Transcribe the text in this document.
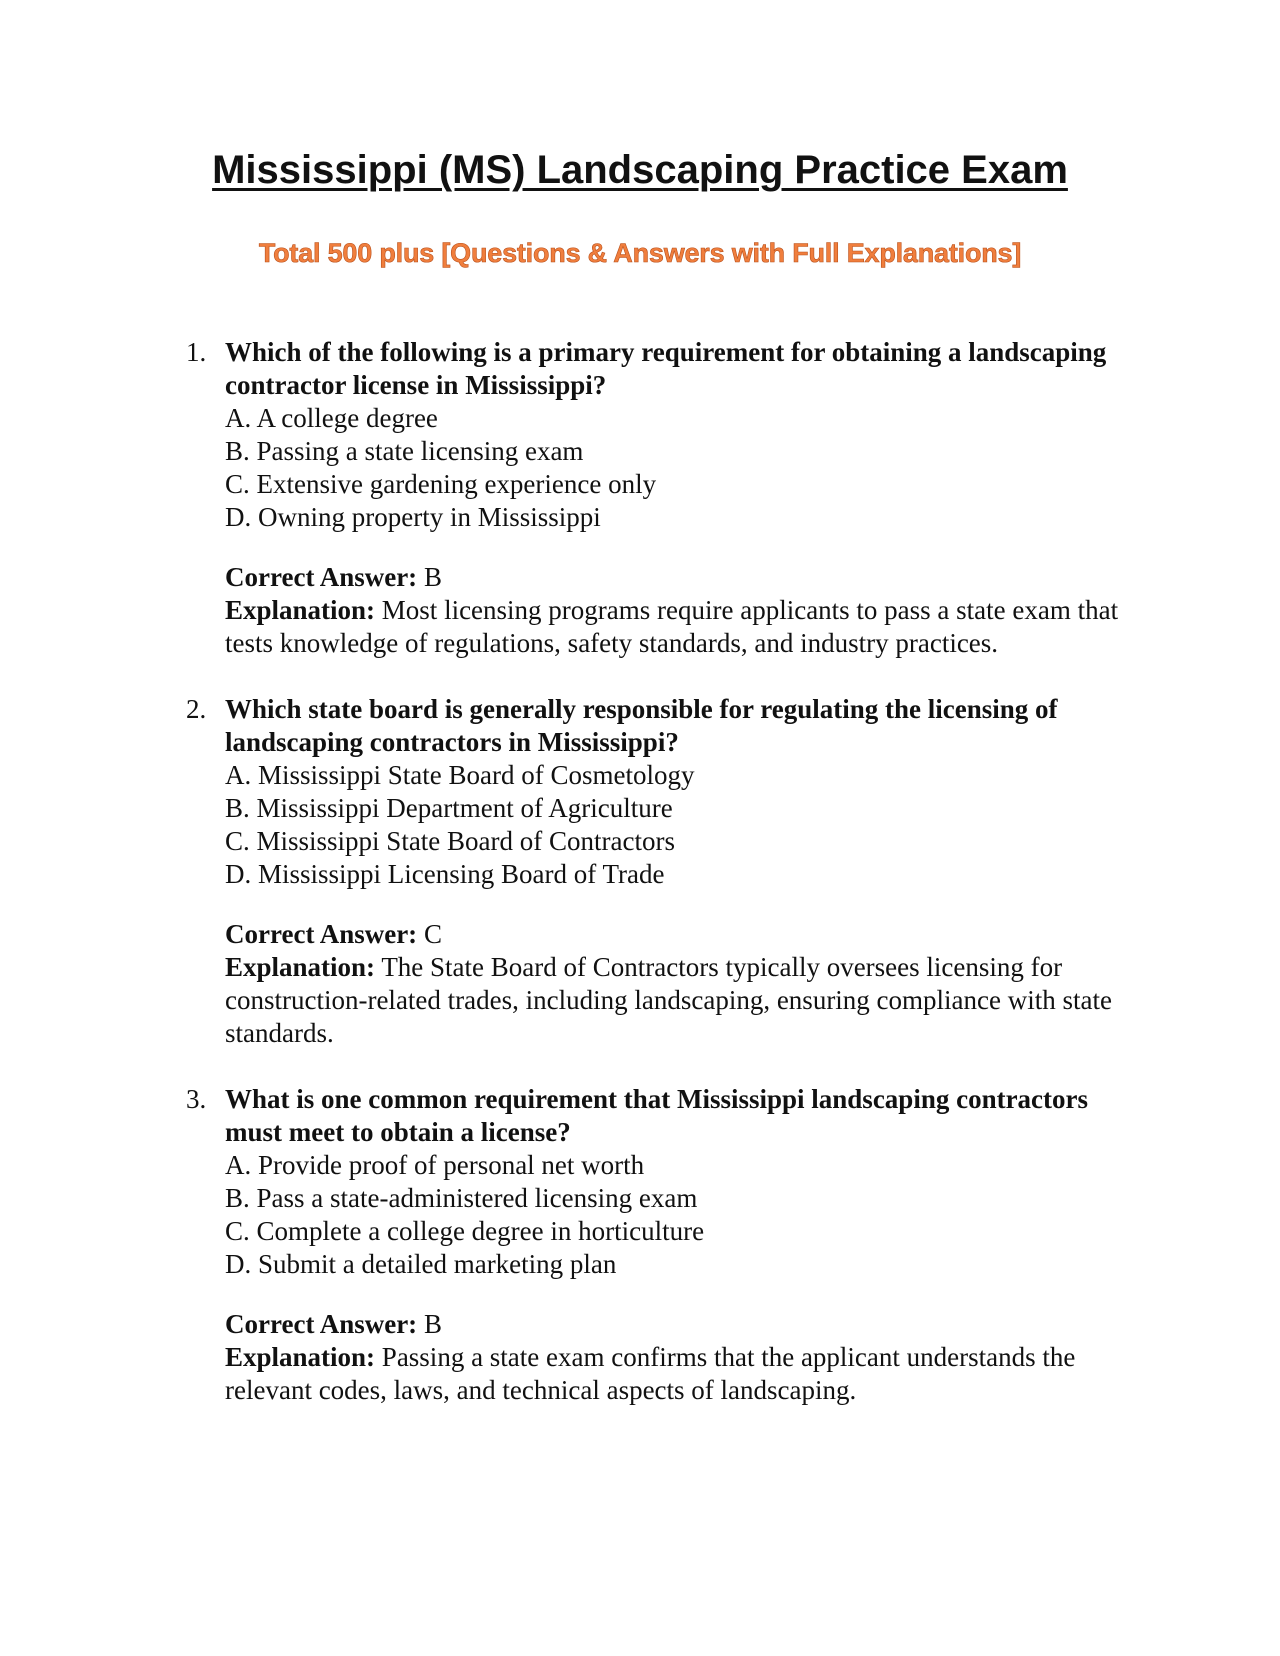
Mississippi (MS) Landscaping Practice Exam
Total 500 plus [Questions & Answers with Full Explanations]
1. Which of the following is a primary requirement for obtaining a landscaping contractor license in Mississippi?
A. A college degree
B. Passing a state licensing exam
C. Extensive gardening experience only
D. Owning property in Mississippi
Correct Answer: B
Explanation: Most licensing programs require applicants to pass a state exam that tests knowledge of regulations, safety standards, and industry practices.
2. Which state board is generally responsible for regulating the licensing of landscaping contractors in Mississippi?
A. Mississippi State Board of Cosmetology
B. Mississippi Department of Agriculture
C. Mississippi State Board of Contractors
D. Mississippi Licensing Board of Trade
Correct Answer: C
Explanation: The State Board of Contractors typically oversees licensing for construction-related trades, including landscaping, ensuring compliance with state standards.
3. What is one common requirement that Mississippi landscaping contractors must meet to obtain a license?
A. Provide proof of personal net worth
B. Pass a state-administered licensing exam
C. Complete a college degree in horticulture
D. Submit a detailed marketing plan
Correct Answer: B
Explanation: Passing a state exam confirms that the applicant understands the relevant codes, laws, and technical aspects of landscaping.
